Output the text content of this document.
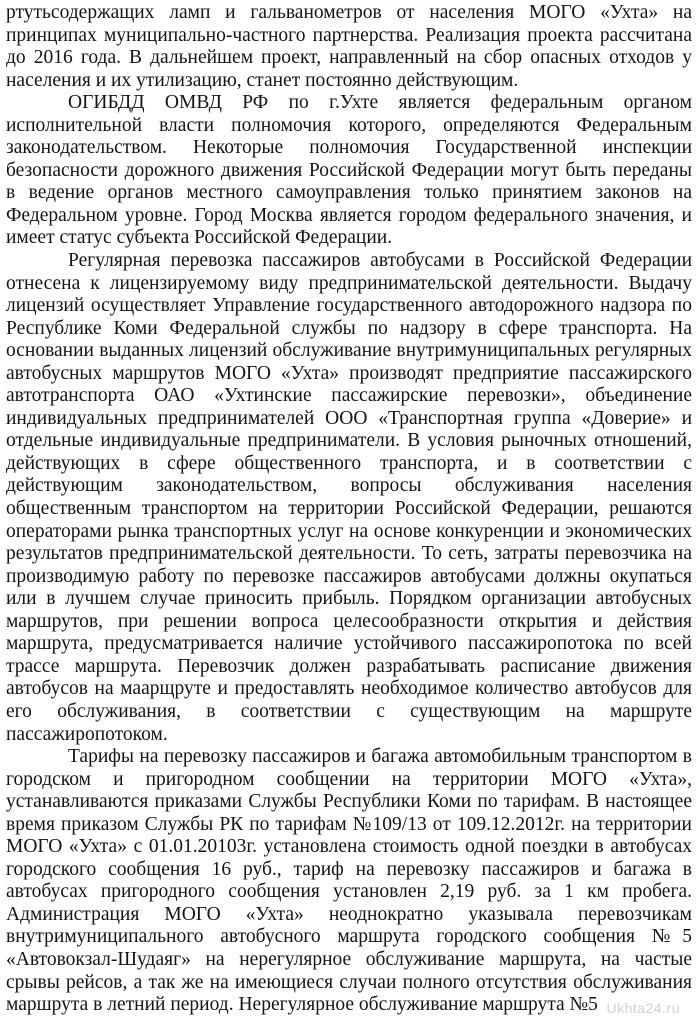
ртутьсодержащих ламп и гальванометров от населения МОГО «Ухта» на
принципах муниципально-частного партнерства. Реализация проекта рассчитана
до 2016 года. В дальнейшем проект, направленный на сбор опасных отходов у
населения и их утилизацию, станет постоянно действующим.
ОГИБДД ОМВД РФ по г.Ухте является федеральным органом
исполнительной власти полномочия которого, определяются Федеральным
законодательством. Некоторые полномочия Государственной инспекции
безопасности дорожного движения Российской Федерации могут быть переданы
в ведение органов местного самоуправления только принятием законов на
Федеральном уровне. Город Москва является городом федерального значения, и
имеет статус субъекта Российской Федерации.
Регулярная перевозка пассажиров автобусами в Российской Федерации
отнесена к лицензируемому виду предпринимательской деятельности. Выдачу
лицензий осуществляет Управление государственного автодорожного надзора по
Республике Коми Федеральной службы по надзору в сфере транспорта. На
основании выданных лицензий обслуживание внутримуниципальных регулярных
автобусных маршрутов МОГО «Ухта» производят предприятие пассажирского
автотранспорта ОАО «Ухтинские пассажирские перевозки», объединение
индивидуальных предпринимателей ООО «Транспортная группа «Доверие» и
отдельные индивидуальные предприниматели. В условия рыночных отношений,
действующих в сфере общественного транспорта, и в соответствии с
действующим законодательством, вопросы обслуживания населения
общественным транспортом на территории Российской Федерации, решаются
операторами рынка транспортных услуг на основе конкуренции и экономических
результатов предпринимательской деятельности. То сеть, затраты перевозчика на
производимую работу по перевозке пассажиров автобусами должны окупаться
или в лучшем случае приносить прибыль. Порядком организации автобусных
маршрутов, при решении вопроса целесообразности открытия и действия
маршрута, предусматривается наличие устойчивого пассажиропотока по всей
трассе маршрута. Перевозчик должен разрабатывать расписание движения
автобусов на маарщруте и предоставлять необходимое количество автобусов для
его обслуживания, в соответствии с существующим на маршруте
пассажиропотоком.
Тарифы на перевозку пассажиров и багажа автомобильным транспортом в
городском и пригородном сообщении на территории МОГО «Ухта»,
устанавливаются приказами Службы Республики Коми по тарифам. В настоящее
время приказом Службы РК по тарифам №109/13 от 109.12.2012г. на территории
МОГО «Ухта» с 01.01.20103г. установлена стоимость одной поездки в автобусах
городского сообщения 16 руб., тариф на перевозку пассажиров и багажа в
автобусах пригородного сообщения установлен 2,19 руб. за 1 км пробега.
Администрация МОГО «Ухта» неоднократно указывала перевозчикам
внутримуниципального автобусного маршрута городского сообщения №5
«Автовокзал-Шудаяг» на нерегулярное обслуживание маршрута, на частые
срывы рейсов, а так же на имеющиеся случаи полного отсутствия обслуживания
маршрута в летний период. Нерегулярное обслуживание маршрута №5 Ukhta24.ru
